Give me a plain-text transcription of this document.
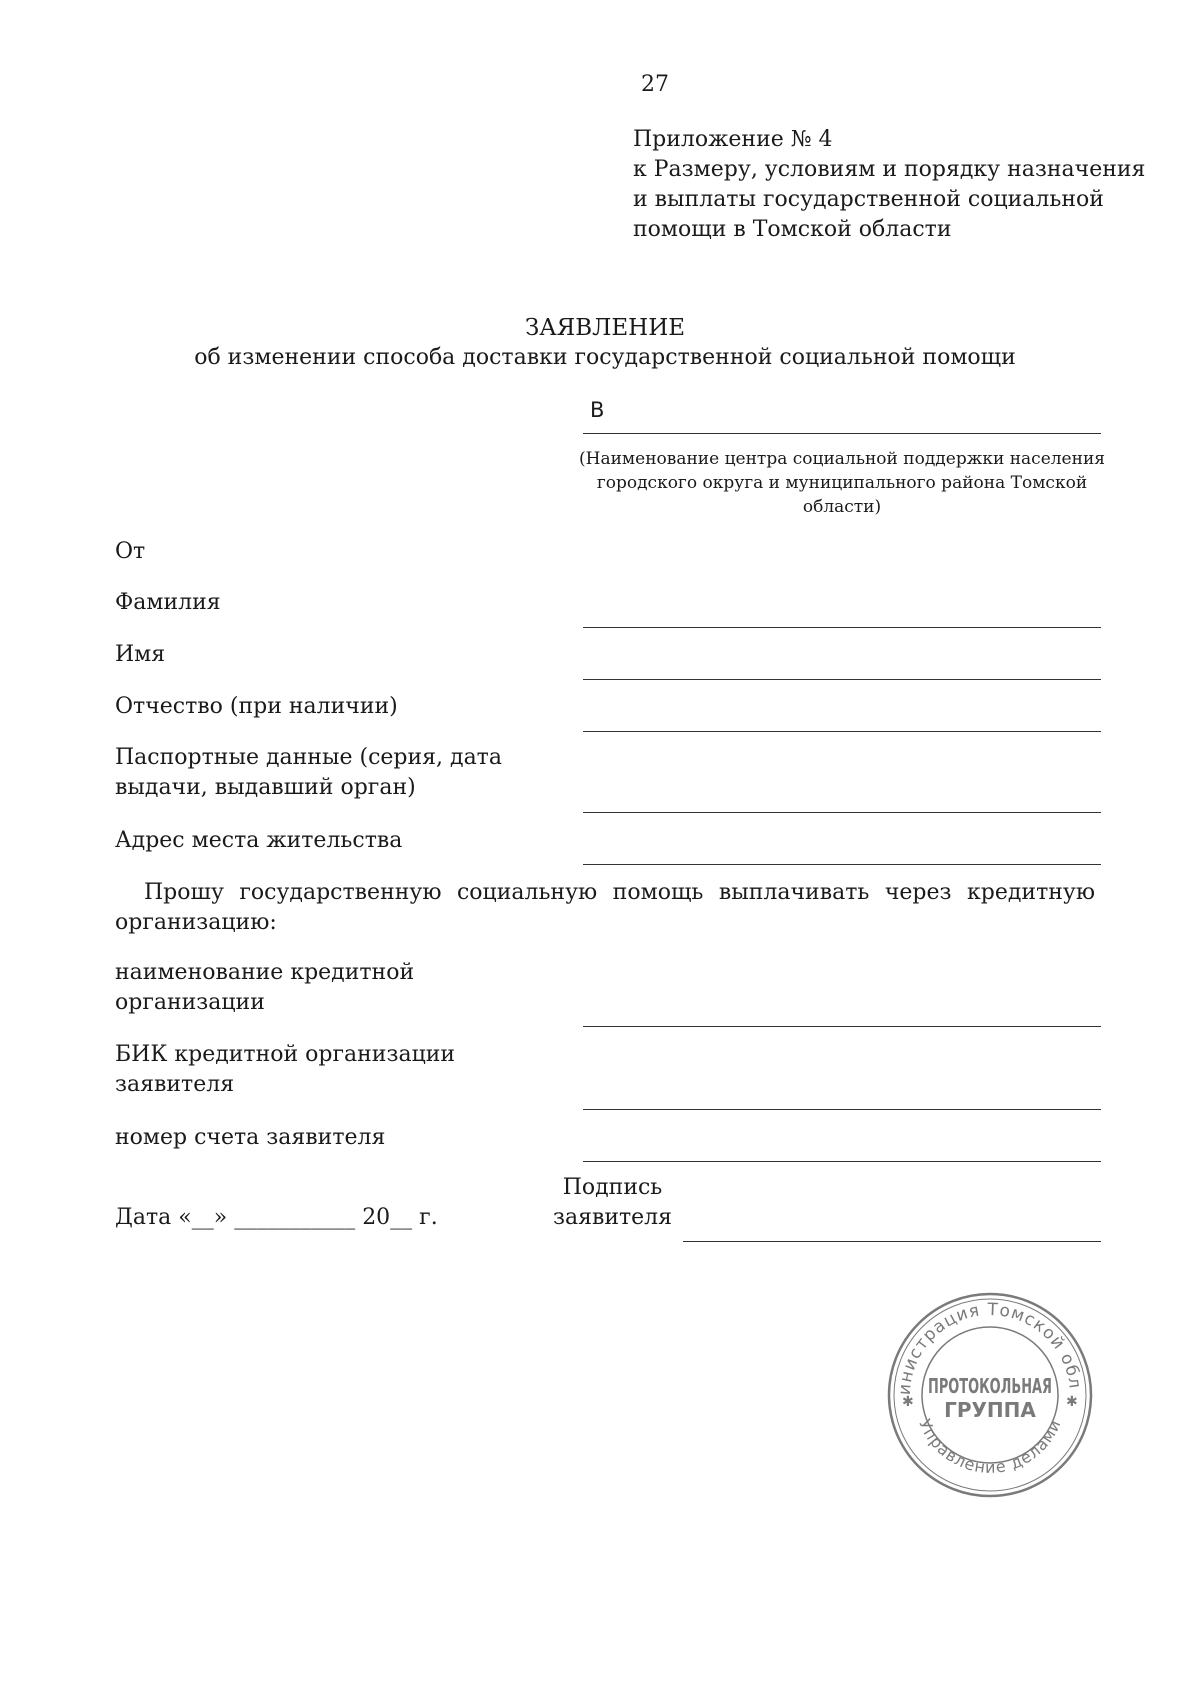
27
Приложение № 4
к Размеру, условиям и порядку назначения
и выплаты государственной социальной
помощи в Томской области
ЗАЯВЛЕНИЕ
об изменении способа доставки государственной социальной помощи
В
(Наименование центра социальной поддержки населения
городского округа и муниципального района Томской
области)
От
Фамилия
Имя
Отчество (при наличии)
Паспортные данные (серия, дата
выдачи, выдавший орган)
Адрес места жительства
Прошу государственную социальную помощь выплачивать через кредитную
организацию:
наименование кредитной
организации
БИК кредитной организации
заявителя
номер счета заявителя
Дата «__» ___________ 20__ г.
Подпись
заявителя
инистрация Томской обл
Управление делами
✱	✱
ПРОТОКОЛЬНАЯ
ГРУППА
